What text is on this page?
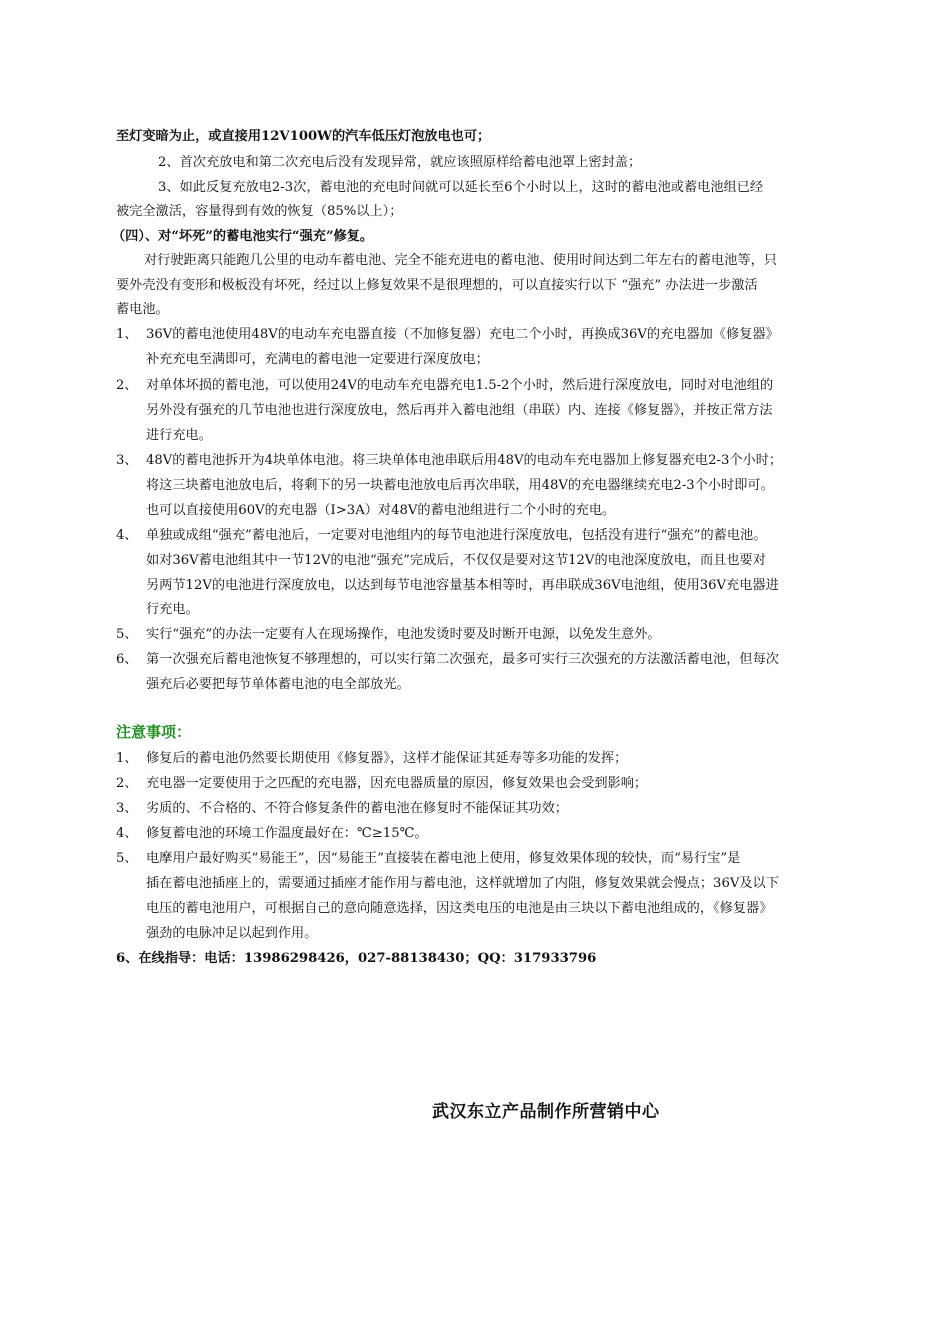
至灯变暗为止，或直接用12V100W的汽车低压灯泡放电也可；
2、首次充放电和第二次充电后没有发现异常，就应该照原样给蓄电池罩上密封盖；
3、如此反复充放电2-3次，蓄电池的充电时间就可以延长至6个小时以上，这时的蓄电池或蓄电池组已经
被完全激活，容量得到有效的恢复（85%以上）；
（四）、对“坏死”的蓄电池实行“强充”修复。
对行驶距离只能跑几公里的电动车蓄电池、完全不能充进电的蓄电池、使用时间达到二年左右的蓄电池等，只
要外壳没有变形和极板没有坏死，经过以上修复效果不是很理想的，可以直接实行以下 “强充” 办法进一步激活
蓄电池。
1、 36V的蓄电池使用48V的电动车充电器直接（不加修复器）充电二个小时，再换成36V的充电器加《修复器》
补充充电至满即可，充满电的蓄电池一定要进行深度放电；
2、 对单体坏损的蓄电池，可以使用24V的电动车充电器充电1.5-2个小时，然后进行深度放电，同时对电池组的
另外没有强充的几节电池也进行深度放电，然后再并入蓄电池组（串联）内、连接《修复器》，并按正常方法
进行充电。
3、 48V的蓄电池拆开为4块单体电池。将三块单体电池串联后用48V的电动车充电器加上修复器充电2-3个小时；
将这三块蓄电池放电后，将剩下的另一块蓄电池放电后再次串联，用48V的充电器继续充电2-3个小时即可。
也可以直接使用60V的充电器（I>3A）对48V的蓄电池组进行二个小时的充电。
4、 单独或成组“强充”蓄电池后，一定要对电池组内的每节电池进行深度放电，包括没有进行“强充”的蓄电池。
如对36V蓄电池组其中一节12V的电池“强充”完成后，不仅仅是要对这节12V的电池深度放电，而且也要对
另两节12V的电池进行深度放电，以达到每节电池容量基本相等时，再串联成36V电池组，使用36V充电器进
行充电。
5、 实行“强充”的办法一定要有人在现场操作，电池发烫时要及时断开电源，以免发生意外。
6、 第一次强充后蓄电池恢复不够理想的，可以实行第二次强充，最多可实行三次强充的方法激活蓄电池，但每次
强充后必要把每节单体蓄电池的电全部放光。
注意事项：
1、 修复后的蓄电池仍然要长期使用《修复器》，这样才能保证其延寿等多功能的发挥；
2、 充电器一定要使用于之匹配的充电器，因充电器质量的原因，修复效果也会受到影响；
3、 劣质的、不合格的、不符合修复条件的蓄电池在修复时不能保证其功效；
4、 修复蓄电池的环境工作温度最好在：℃≥15℃。
5、 电摩用户最好购买“易能王”，因“易能王”直接装在蓄电池上使用，修复效果体现的较快，而“易行宝”是
插在蓄电池插座上的，需要通过插座才能作用与蓄电池，这样就增加了内阻，修复效果就会慢点；36V及以下
电压的蓄电池用户，可根据自己的意向随意选择，因这类电压的电池是由三块以下蓄电池组成的，《修复器》
强劲的电脉冲足以起到作用。
6、在线指导：电话：13986298426，027-88138430；QQ：317933796
武汉东立产品制作所营销中心
